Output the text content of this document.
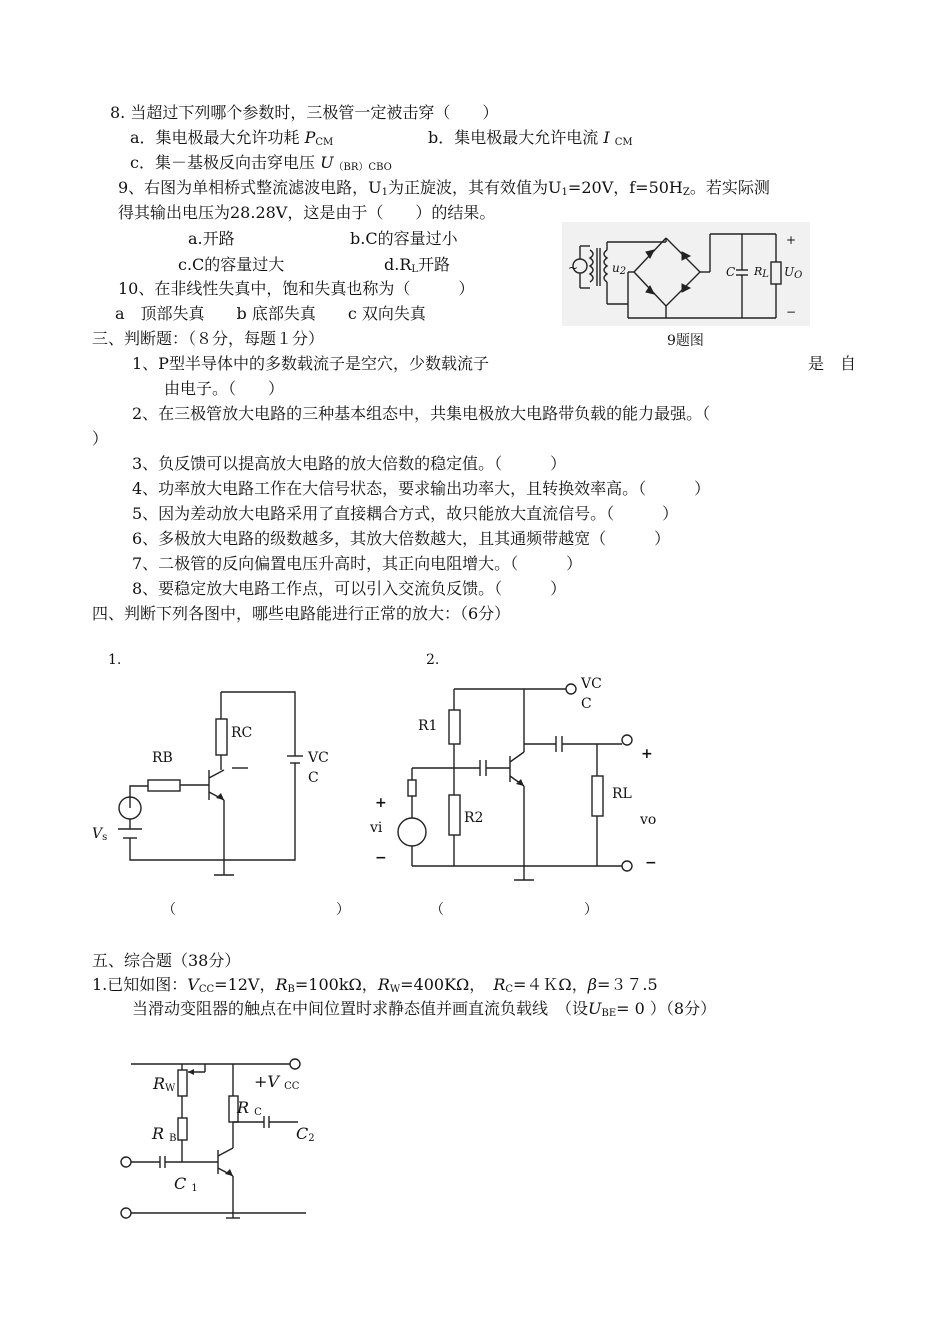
8. 当超过下列哪个参数时，三极管一定被击穿（　　）
a．集电极最大允许功耗 $P_{CM}$	b．集电极最大允许电流 I $_{CM}$
c．集－基极反向击穿电压 $U_{(BR)CBO}$
9、右图为单相桥式整流滤波电路，$U_1$为正旋波，其有效值为$U_1=20V$，$f=50H_Z$。若实际测
得其输出电压为28.28V，这是由于（　　）的结果。
a.开路	b.C的容量过小
c.C的容量过大	$d.R_L$开路	~	$u_2$	C RL $U_O$
+
−
9题图
10、在非线性失真中，饱和失真也称为（　　　）
a　顶部失真　　b 底部失真　　c 双向失真
三、判断题：（８分，每题１分）
1、P型半导体中的多数载流子是空穴，少数载流子	是　自
由电子。（　　）
2、在三极管放大电路的三种基本组态中，共集电极放大电路带负载的能力最强。（
）
3、负反馈可以提高放大电路的放大倍数的稳定值。（　　　）
4、功率放大电路工作在大信号状态，要求输出功率大，且转换效率高。（　　　）
5、因为差动放大电路采用了直接耦合方式，故只能放大直流信号。（　　　）
6、多极放大电路的级数越多，其放大倍数越大，且其通频带越宽（　　　）
7、二极管的反向偏置电压升高时，其正向电阻增大。（　　　）
8、要稳定放大电路工作点，可以引入交流负反馈。（　　　）
四、判断下列各图中，哪些电路能进行正常的放大：（6分）
1.
RC
RB	VC
C
$V_s$
（	）
2.
VC
C
R1
R2
RL
vi	vo
+
−
+
−
（	）
五、综合题（38分）
1.已知如图：$V_{CC}=12V$，$R_B=100k\Omega$，$R_W=400K\Omega$，　$R_C=4K\Omega$，β=３７.5
当滑动变阻器的触点在中间位置时求静态值并画直流负载线　（设$U_{BE}= 0$ ）（8分）
$R_W$	+V $_{CC}$
R $_C$
R $_B$	$C_2$
C $_1$
